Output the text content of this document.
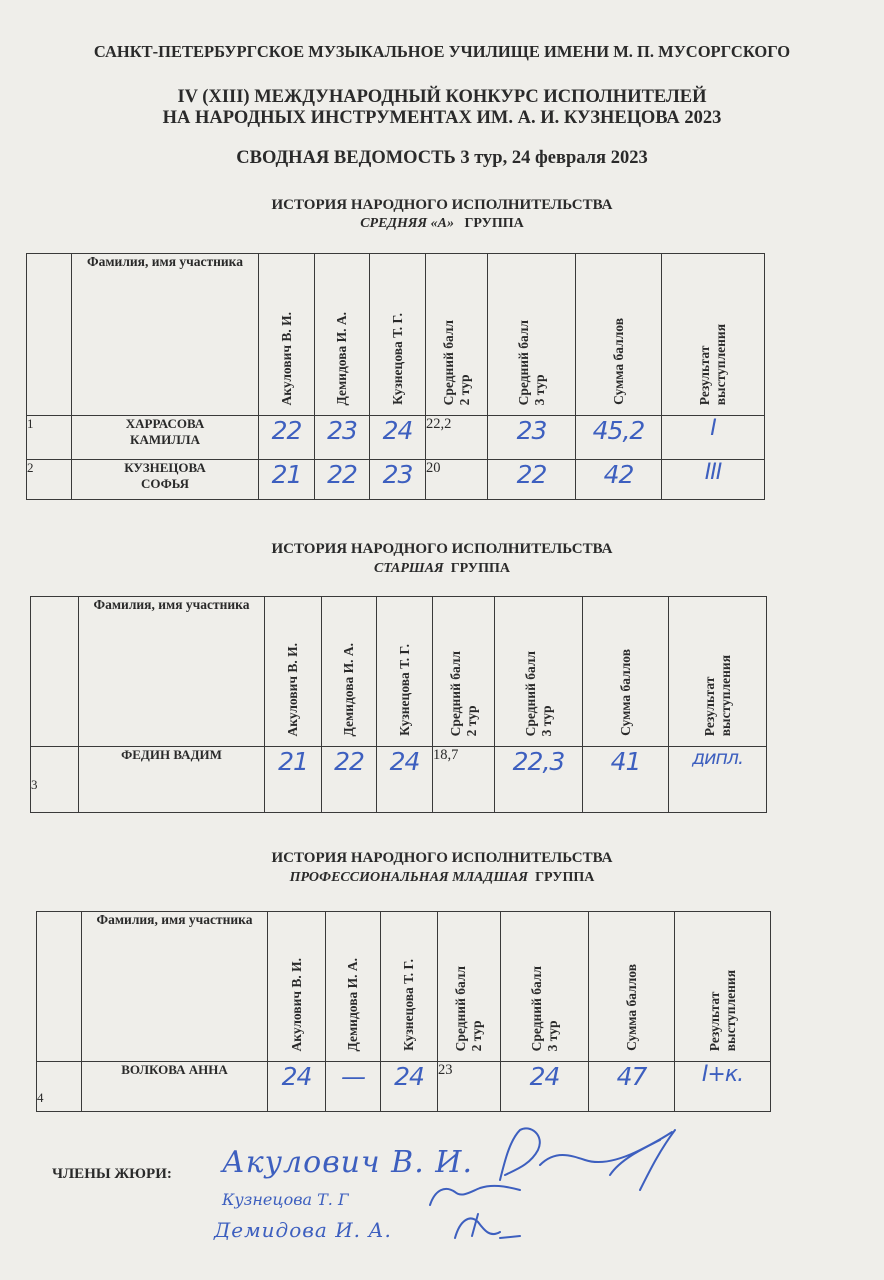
САНКТ-ПЕТЕРБУРГСКОЕ МУЗЫКАЛЬНОЕ УЧИЛИЩЕ ИМЕНИ М. П. МУСОРГСКОГО
IV (XIII) МЕЖДУНАРОДНЫЙ КОНКУРС ИСПОЛНИТЕЛЕЙ
НА НАРОДНЫХ ИНСТРУМЕНТАХ ИМ. А. И. КУЗНЕЦОВА 2023
СВОДНАЯ ВЕДОМОСТЬ 3 тур, 24 февраля 2023
ИСТОРИЯ НАРОДНОГО ИСПОЛНИТЕЛЬСТВА
СРЕДНЯЯ «А» ГРУППА
	Фамилия, имя участника	Акулович В. И.	Демидова И. А.	Кузнецова Т. Г.	Средний балл
2 тур	Средний балл
3 тур	Сумма баллов	Результат
выступления

1	ХАРРАСОВА
КАМИЛЛА	22	23	24	22,2	23	45,2	I
2	КУЗНЕЦОВА
СОФЬЯ	21	22	23	20	22	42	III
ИСТОРИЯ НАРОДНОГО ИСПОЛНИТЕЛЬСТВА
СТАРШАЯ ГРУППА
	Фамилия, имя участника	Акулович В. И.	Демидова И. А.	Кузнецова Т. Г.	Средний балл
2 тур	Средний балл
3 тур	Сумма баллов	Результат
выступления

3	ФЕДИН ВАДИМ	21	22	24	18,7	22,3	41	дипл.
ИСТОРИЯ НАРОДНОГО ИСПОЛНИТЕЛЬСТВА
ПРОФЕССИОНАЛЬНАЯ МЛАДШАЯ ГРУППА
	Фамилия, имя участника	Акулович В. И.	Демидова И. А.	Кузнецова Т. Г.	Средний балл
2 тур	Средний балл
3 тур	Сумма баллов	Результат
выступления

4	ВОЛКОВА АННА	24	—	24	23	24	47	I+к.
ЧЛЕНЫ ЖЮРИ: Акулович В. И.
Кузнецова Т. Г
Демидова И. А.
